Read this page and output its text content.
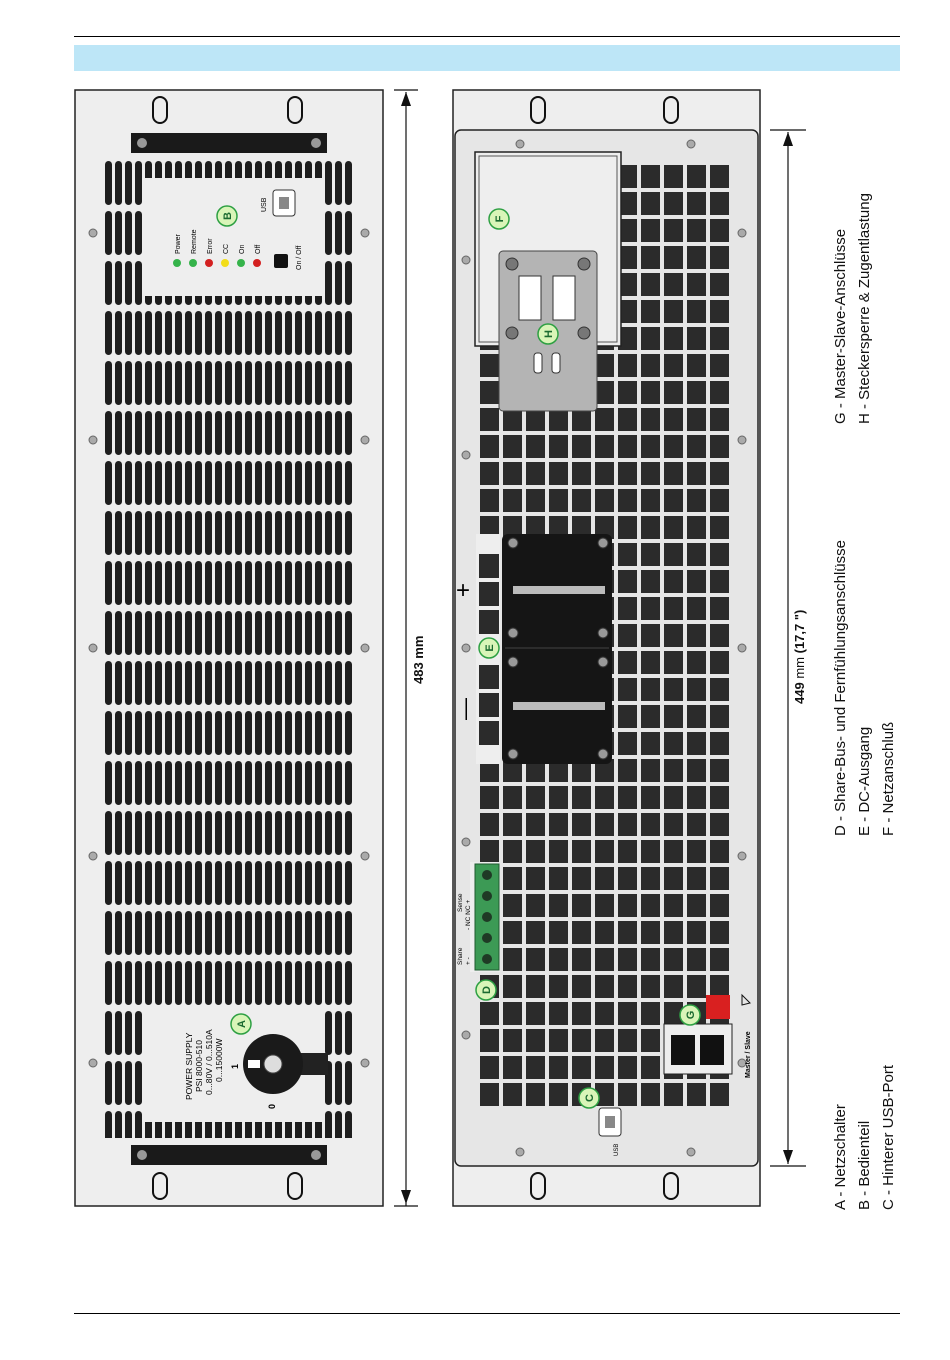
Power Remote Error CC On Off	On / Off
USB
POWER SUPPLY PSI 8000-510 0...80V / 0...510A 0...15000W 1
0
+
—
Share + -
Sense - NC NC +
Master / Slave
USB
A
B
C
D
E
F
G
H
483 mm
449 mm (17,7 ")
A - Netzschalter B - Bedienteil C - Hinterer USB-Port
D - Share-Bus- und Fernfühlungsanschlüsse E - DC-Ausgang F - Netzanschluß
G - Master-Slave-Anschlüsse H - Steckersperre & Zugentlastung
